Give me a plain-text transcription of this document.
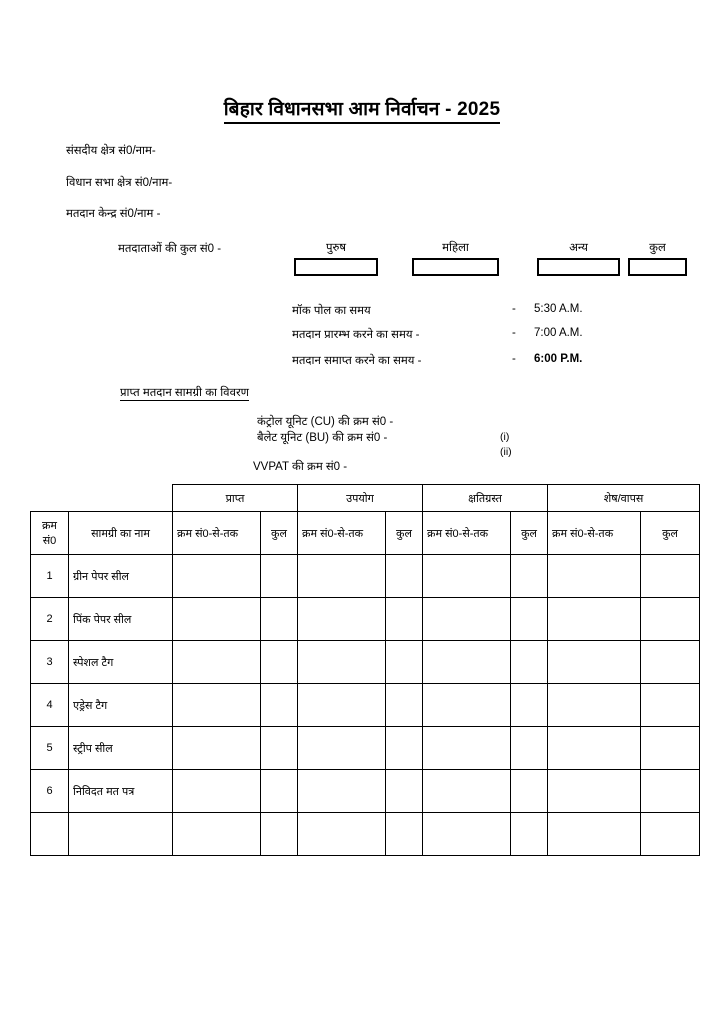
बिहार विधानसभा आम निर्वाचन - 2025
संसदीय क्षेत्र सं0/नाम-
विधान सभा क्षेत्र सं0/नाम-
मतदान केन्द्र सं0/नाम -
मतदाताओं की कुल सं0 -	पुरुष	महिला	अन्य	कुल
मॉक पोल का समय	- 5:30 A.M.
मतदान प्रारम्भ करने का समय -	- 7:00 A.M.
मतदान समाप्त करने का समय -	- 6:00 P.M.
प्राप्त मतदान सामग्री का विवरण
कंट्रोल यूनिट (CU) की क्रम सं0 -
बैलेट यूनिट (BU) की क्रम सं0 -
VVPAT की क्रम सं0 -
(i)
(ii)
		प्राप्त		उपयोग		क्षतिग्रस्त		शेष/वापस	
क्रम सं0	सामग्री का नाम	क्रम सं0-से-तक	कुल	क्रम सं0-से-तक	कुल	क्रम सं0-से-तक	कुल	क्रम सं0-से-तक	कुल
1	ग्रीन पेपर सील								
2	पिंक पेपर सील								
3	स्पेशल टैग								
4	एड्रेस टैग								
5	स्ट्रीप सील								
6	निविदत मत पत्र								
